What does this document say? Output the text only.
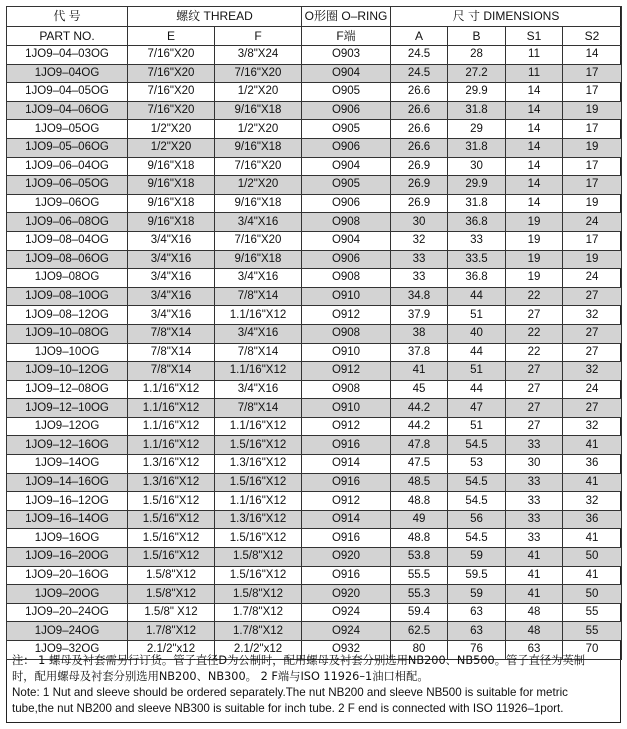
代 号	螺纹 THREAD		O形圈 O–RING	尺 寸 DIMENSIONS			
PART NO.	E	F	F端	A	B	S1	S2
1JO9–04–03OG	7/16"X20	3/8"X24	O903	24.5	28	11	14
1JO9–04OG	7/16"X20	7/16"X20	O904	24.5	27.2	11	17
1JO9–04–05OG	7/16"X20	1/2"X20	O905	26.6	29.9	14	17
1JO9–04–06OG	7/16"X20	9/16"X18	O906	26.6	31.8	14	19
1JO9–05OG	1/2"X20	1/2"X20	O905	26.6	29	14	17
1JO9–05–06OG	1/2"X20	9/16"X18	O906	26.6	31.8	14	19
1JO9–06–04OG	9/16"X18	7/16"X20	O904	26.9	30	14	17
1JO9–06–05OG	9/16"X18	1/2"X20	O905	26.9	29.9	14	17
1JO9–06OG	9/16"X18	9/16"X18	O906	26.9	31.8	14	19
1JO9–06–08OG	9/16"X18	3/4"X16	O908	30	36.8	19	24
1JO9–08–04OG	3/4"X16	7/16"X20	O904	32	33	19	17
1JO9–08–06OG	3/4"X16	9/16"X18	O906	33	33.5	19	19
1JO9–08OG	3/4"X16	3/4"X16	O908	33	36.8	19	24
1JO9–08–10OG	3/4"X16	7/8"X14	O910	34.8	44	22	27
1JO9–08–12OG	3/4"X16	1.1/16"X12	O912	37.9	51	27	32
1JO9–10–08OG	7/8"X14	3/4"X16	O908	38	40	22	27
1JO9–10OG	7/8"X14	7/8"X14	O910	37.8	44	22	27
1JO9–10–12OG	7/8"X14	1.1/16"X12	O912	41	51	27	32
1JO9–12–08OG	1.1/16"X12	3/4"X16	O908	45	44	27	24
1JO9–12–10OG	1.1/16"X12	7/8"X14	O910	44.2	47	27	27
1JO9–12OG	1.1/16"X12	1.1/16"X12	O912	44.2	51	27	32
1JO9–12–16OG	1.1/16"X12	1.5/16"X12	O916	47.8	54.5	33	41
1JO9–14OG	1.3/16"X12	1.3/16"X12	O914	47.5	53	30	36
1JO9–14–16OG	1.3/16"X12	1.5/16"X12	O916	48.5	54.5	33	41
1JO9–16–12OG	1.5/16"X12	1.1/16"X12	O912	48.8	54.5	33	32
1JO9–16–14OG	1.5/16"X12	1.3/16"X12	O914	49	56	33	36
1JO9–16OG	1.5/16"X12	1.5/16"X12	O916	48.8	54.5	33	41
1JO9–16–20OG	1.5/16"X12	1.5/8"X12	O920	53.8	59	41	50
1JO9–20–16OG	1.5/8"X12	1.5/16"X12	O916	55.5	59.5	41	41
1JO9–20OG	1.5/8"X12	1.5/8"X12	O920	55.3	59	41	50
1JO9–20–24OG	1.5/8" X12	1.7/8"X12	O924	59.4	63	48	55
1JO9–24OG	1.7/8"X12	1.7/8"X12	O924	62.5	63	48	55
1JO9–32OG	2.1/2"x12	2.1/2"x12	O932	80	76	63	70

注： 1 螺母及衬套需另行订货。管子直径D为公制时，配用螺母及衬套分别选用NB200、NB500。管子直径为英制

时，配用螺母及衬套分别选用NB200、NB300。 2 F端与ISO 11926–1油口相配。

Note: 1 Nut and sleeve should be ordered separately.The nut NB200 and sleeve NB500 is suitable for metric

tube,the nut NB200 and sleeve NB300 is suitable for inch tube. 2 F end is connected with ISO 11926–1port.
